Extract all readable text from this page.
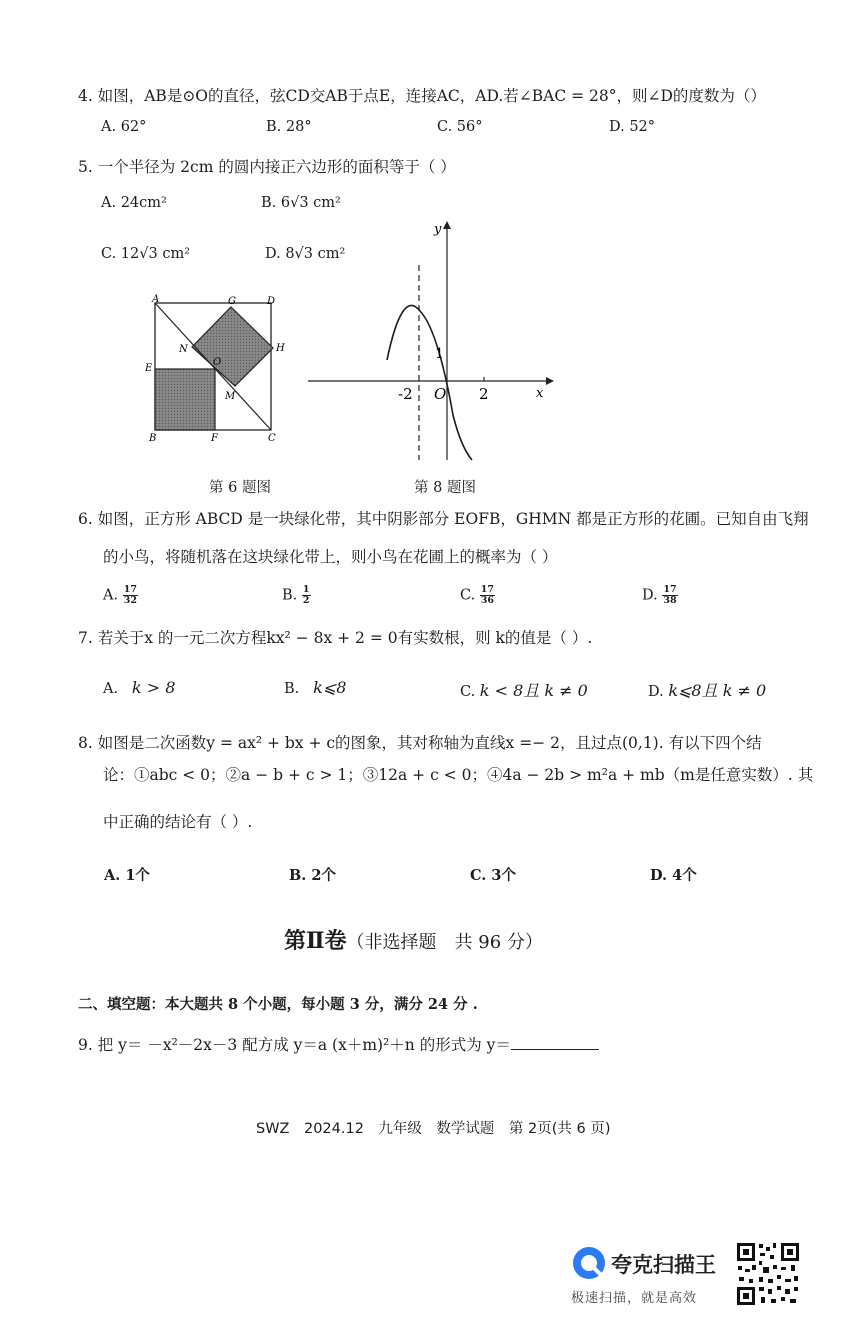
4. 如图，AB是⊙O的直径，弦CD交AB于点E，连接AC，AD.若∠BAC = 28°，则∠D的度数为（）
A. 62°	B. 28°	C. 56°	D. 52°
5. 一个半径为 2cm 的圆内接正六边形的面积等于（ ）
A. 24cm²	B. 6√3 cm²
C. 12√3 cm²	D. 8√3 cm²
A	G	D
N
O
H
E
M
B	F	C
y
x
1
-2 O 2
第 6 题图	第 8 题图
6. 如图，正方形 ABCD 是一块绿化带，其中阴影部分 EOFB，GHMN 都是正方形的花圃。已知自由飞翔
的小鸟，将随机落在这块绿化带上，则小鸟在花圃上的概率为（ ）
A. $\frac{17}{32}$	B. $\frac{1}{2}$	C. $\frac{17}{36}$	D. $\frac{17}{38}$
7. 若关于x 的一元二次方程kx² − 8x + 2 = 0有实数根，则 k的值是（ ）.
A. k > 8	B. k⩽8	C. k < 8且 k ≠ 0	D. k⩽8且 k ≠ 0
8. 如图是二次函数y = ax² + bx + c的图象，其对称轴为直线x =− 2，且过点(0,1). 有以下四个结
论：①abc < 0；②a − b + c > 1；③12a + c < 0；④4a − 2b > m²a + mb（m是任意实数）. 其
中正确的结论有（ ）.
A. 1个	B. 2个	C. 3个	D. 4个
第Ⅱ卷（非选择题　共 96 分）
二、填空题：本大题共 8 个小题，每小题 3 分，满分 24 分 .
9. 把 y＝ －x²－2x－3 配方成 y＝a (x＋m)²＋n 的形式为 y＝
SWZ　2024.12　九年级　数学试题　第 2页(共 6 页)
夸克扫描王
极速扫描，就是高效
